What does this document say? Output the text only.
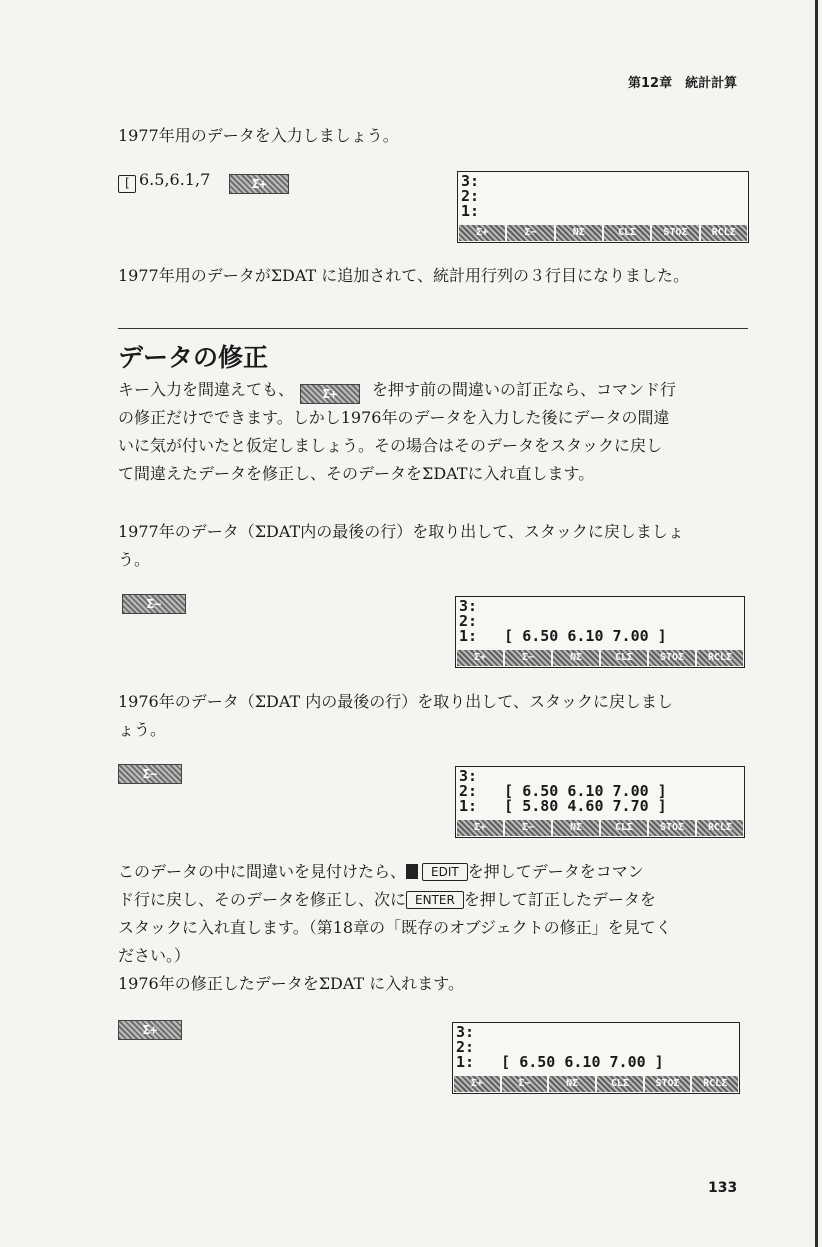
第12章　統計計算
1977年用のデータを入力しましょう。
[ 6.5,6.1,7	Σ+	3:
2:
1:
Σ+	Σ−	NΣ	CLΣ	STOΣ	RCLΣ
1977年用のデータがΣDAT に追加されて、統計用行列の３行目になりました。
データの修正
キー入力を間違えても、 Σ+ を押す前の間違いの訂正なら、コマンド行
の修正だけでできます。しかし1976年のデータを入力した後にデータの間違
いに気が付いたと仮定しましょう。その場合はそのデータをスタックに戻し
て間違えたデータを修正し、そのデータをΣDATに入れ直します。
1977年のデータ（ΣDAT内の最後の行）を取り出して、スタックに戻しましょ
う。
Σ−	3:
2:
1:   [ 6.50 6.10 7.00 ]
Σ+	Σ−	NΣ	CLΣ	STOΣ	RCLΣ
1976年のデータ（ΣDAT 内の最後の行）を取り出して、スタックに戻しまし
ょう。
Σ−	3:
2:   [ 6.50 6.10 7.00 ]
1:   [ 5.80 4.60 7.70 ]
Σ+	Σ−	NΣ	CLΣ	STOΣ	RCLΣ
このデータの中に間違いを見付けたら、 EDIT を押してデータをコマン
ド行に戻し、そのデータを修正し、次に ENTER を押して訂正したデータを
スタックに入れ直します。（第18章の「既存のオブジェクトの修正」を見てく
ださい。）
1976年の修正したデータをΣDAT に入れます。
Σ+	3:
2:
1:   [ 6.50 6.10 7.00 ]
Σ+	Σ−	NΣ	CLΣ	STOΣ	RCLΣ
133
